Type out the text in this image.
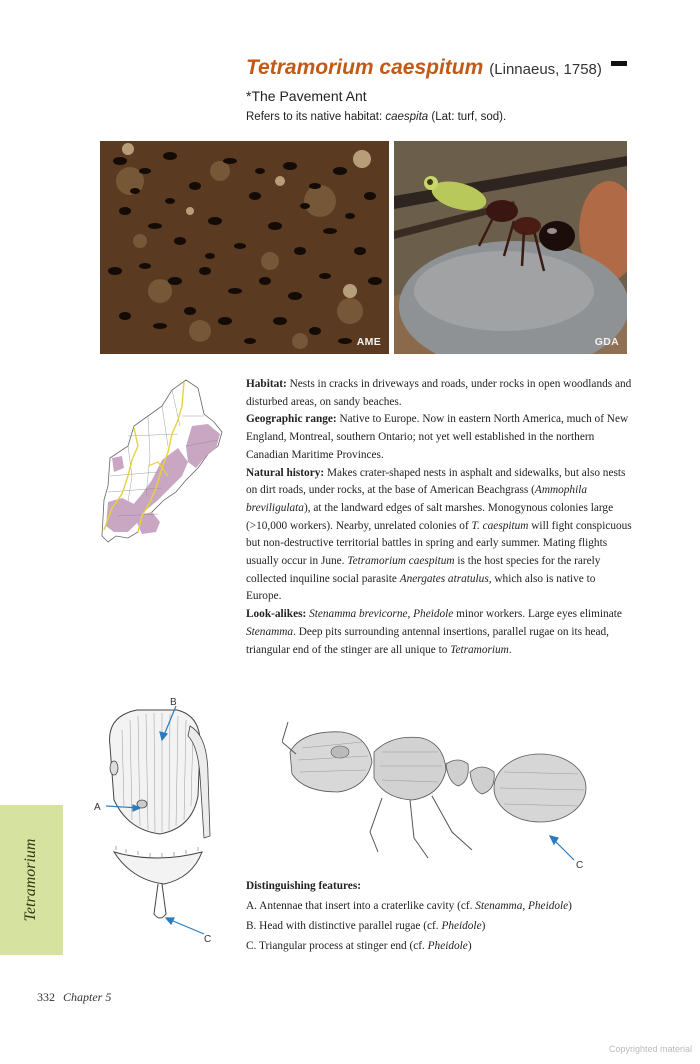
Tetramorium caespitum (Linnaeus, 1758)
*The Pavement Ant
Refers to its native habitat: caespita (Lat: turf, sod).
AME	GDA

Habitat: Nests in cracks in driveways and roads, under rocks in open woodlands and disturbed areas, on sandy beaches.

Geographic range: Native to Europe. Now in eastern North America, much of New England, Montreal, southern Ontario; not yet well established in the northern Canadian Maritime Provinces.

Natural history: Makes crater-shaped nests in asphalt and sidewalks, but also nests on dirt roads, under rocks, at the base of American Beachgrass (Ammophila breviligulata), at the landward edges of salt marshes. Monogynous colonies large (>10,000 workers). Nearby, unrelated colonies of T. caespitum will fight conspicuous but non-destructive territorial battles in spring and early summer. Mating flights usually occur in June. Tetramorium caespitum is the host species for the rarely collected inquiline social parasite Anergates atratulus, which also is native to Europe.

Look-alikes: Stenamma brevicorne, Pheidole minor workers. Large eyes eliminate Stenamma. Deep pits surrounding antennal insertions, parallel rugae on its head, triangular end of the stinger are all unique to Tetramorium.

B
A
C
C

Distinguishing features:

A. Antennae that insert into a craterlike cavity (cf. Stenamma, Pheidole)

B. Head with distinctive parallel rugae (cf. Pheidole)

C. Triangular process at stinger end (cf. Pheidole)

Tetramorium
332 Chapter 5
Copyrighted material
